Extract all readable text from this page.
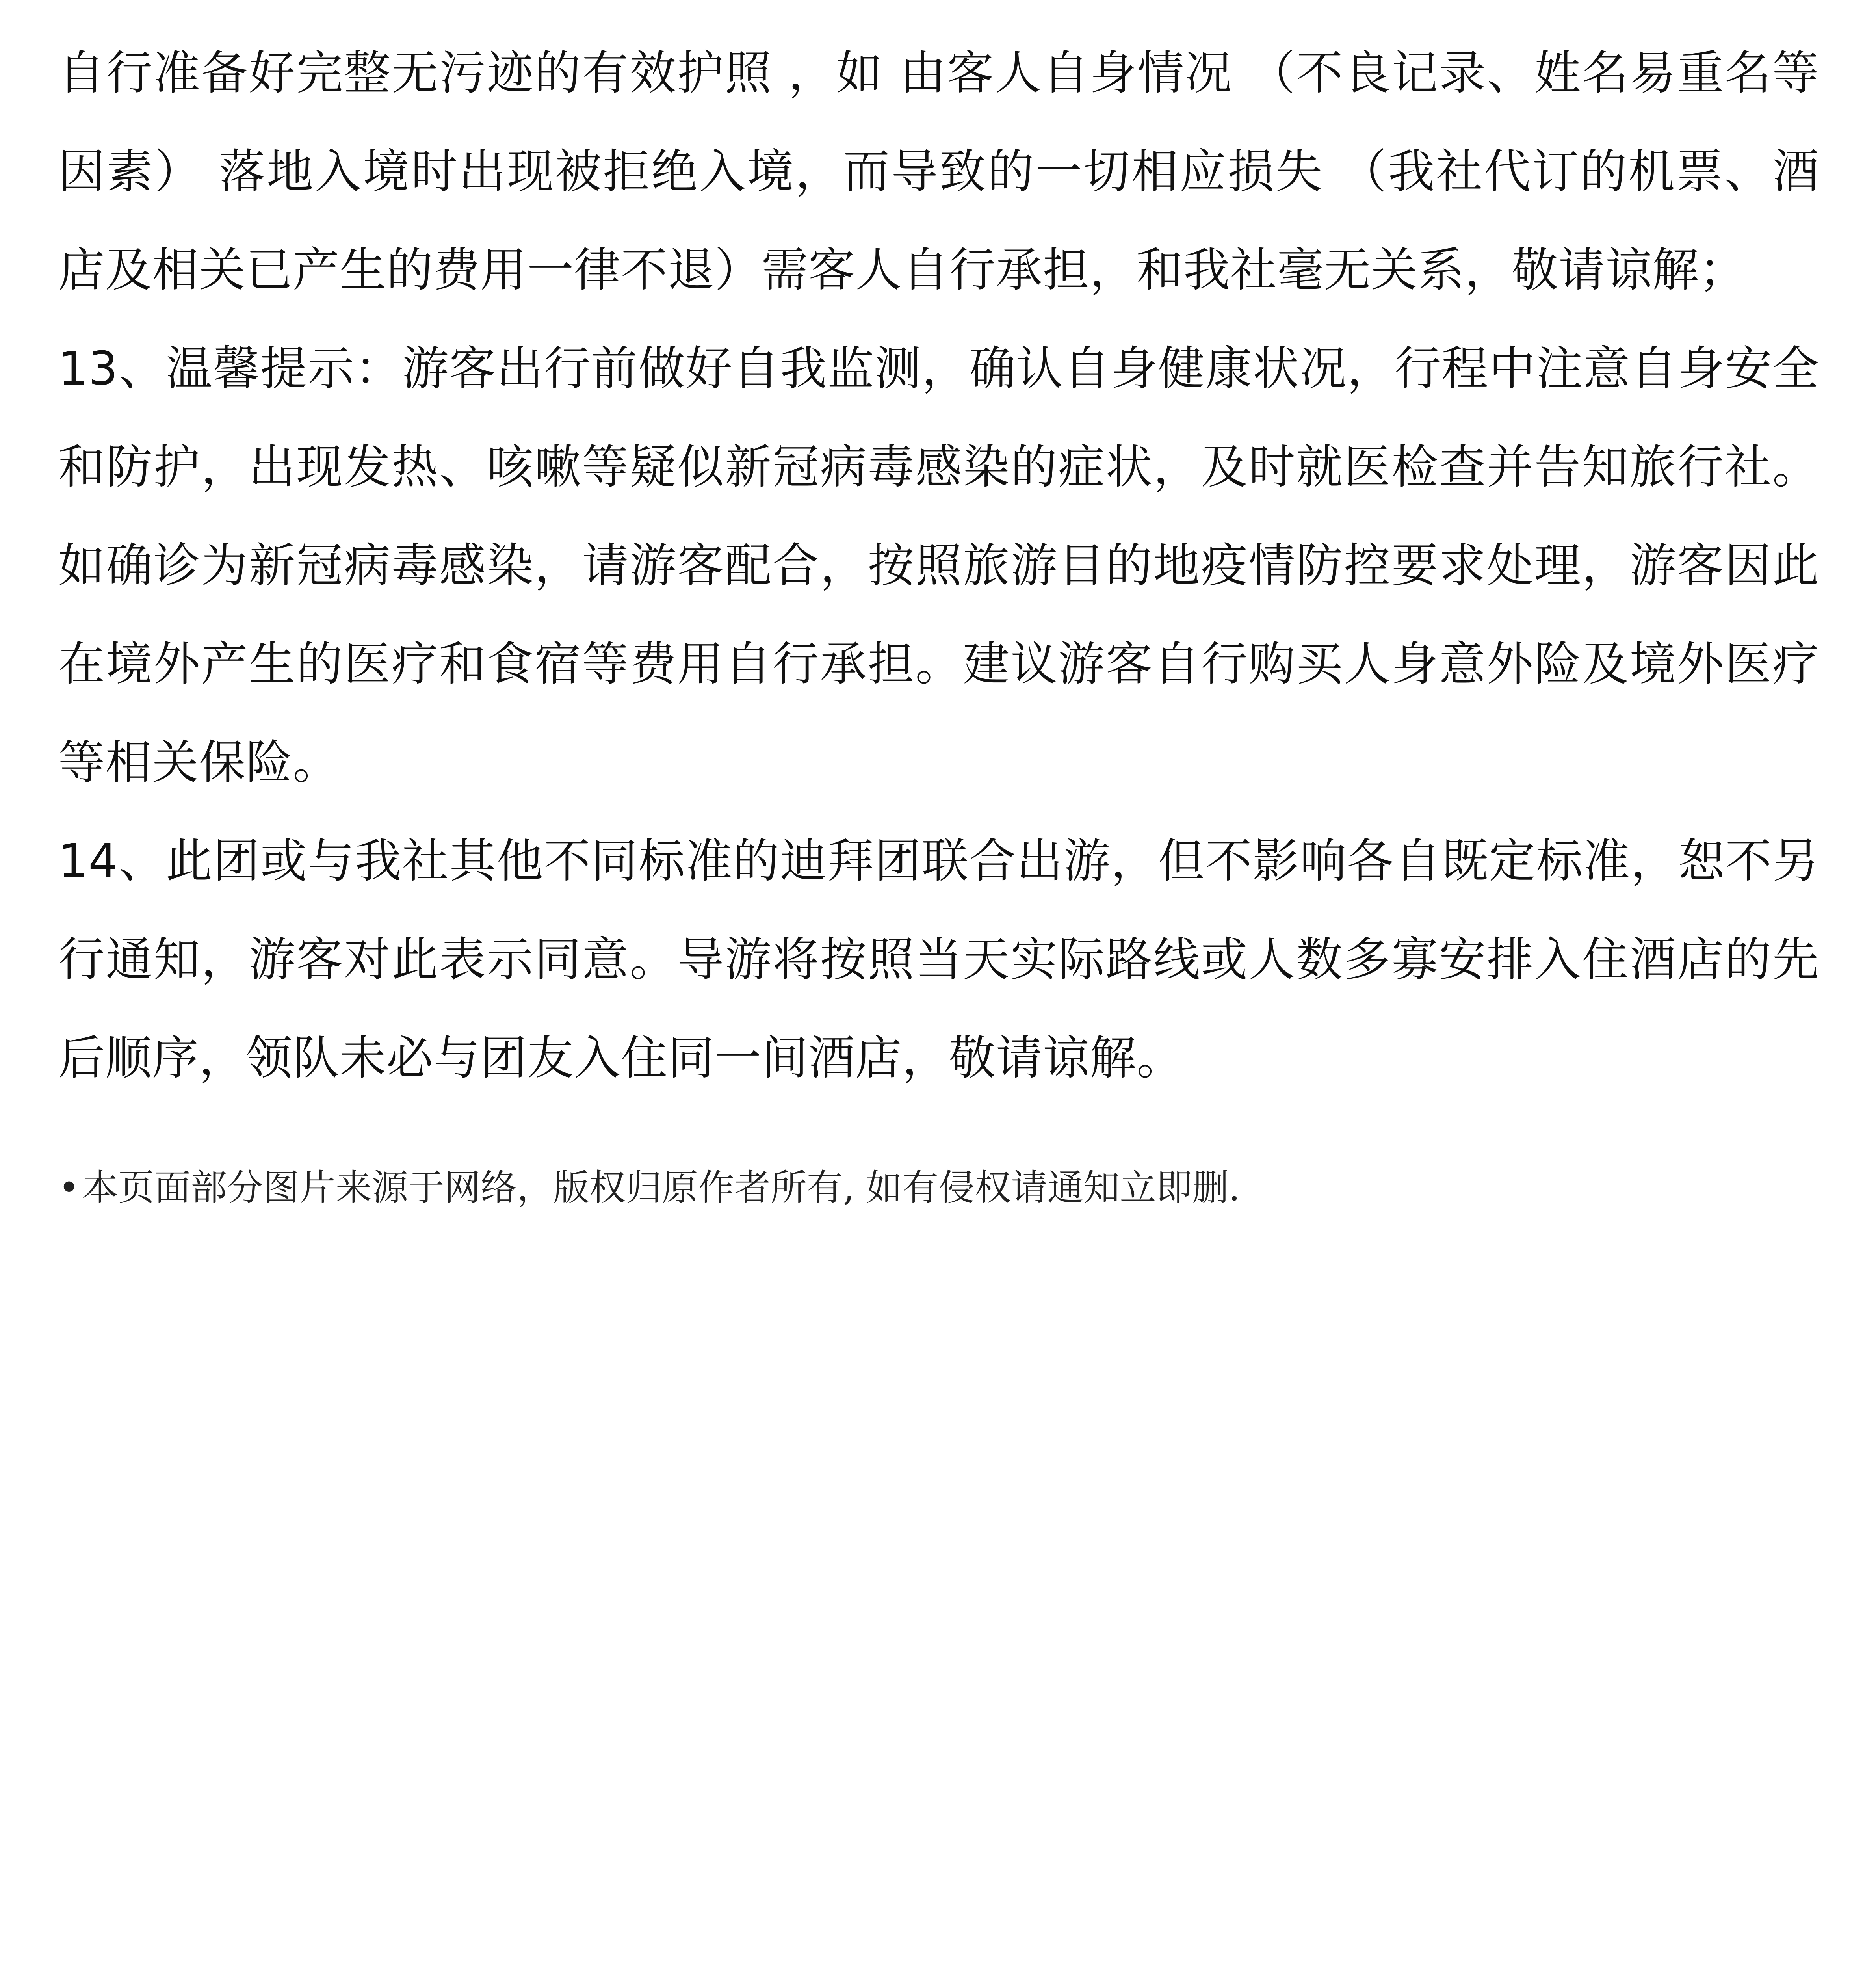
自行准备好完整无污迹的有效护照 ，如 由客人自身情况 （不良记录、姓名易重名等因素） 落地入境时出现被拒绝入境，而导致的一切相应损失 （我社代订的机票、酒店及相关已产生的费用一律不退）需客人自行承担，和我社毫无关系，敬请谅解；

13、温馨提示：游客出行前做好自我监测，确认自身健康状况，行程中注意自身安全和防护，出现发热、咳嗽等疑似新冠病毒感染的症状，及时就医检查并告知旅行社。 如确诊为新冠病毒感染，请游客配合，按照旅游目的地疫情防控要求处理，游客因此在境外产生的医疗和食宿等费用自行承担。建议游客自行购买人身意外险及境外医疗等相关保险。

14、此团或与我社其他不同标准的迪拜团联合出游，但不影响各自既定标准，恕不另行通知，游客对此表示同意。导游将按照当天实际路线或人数多寡安排入住酒店的先后顺序，领队未必与团友入住同一间酒店，敬请谅解。

• 本页面部分图片来源于网络，版权归原作者所有, 如有侵权请通知立即删.
